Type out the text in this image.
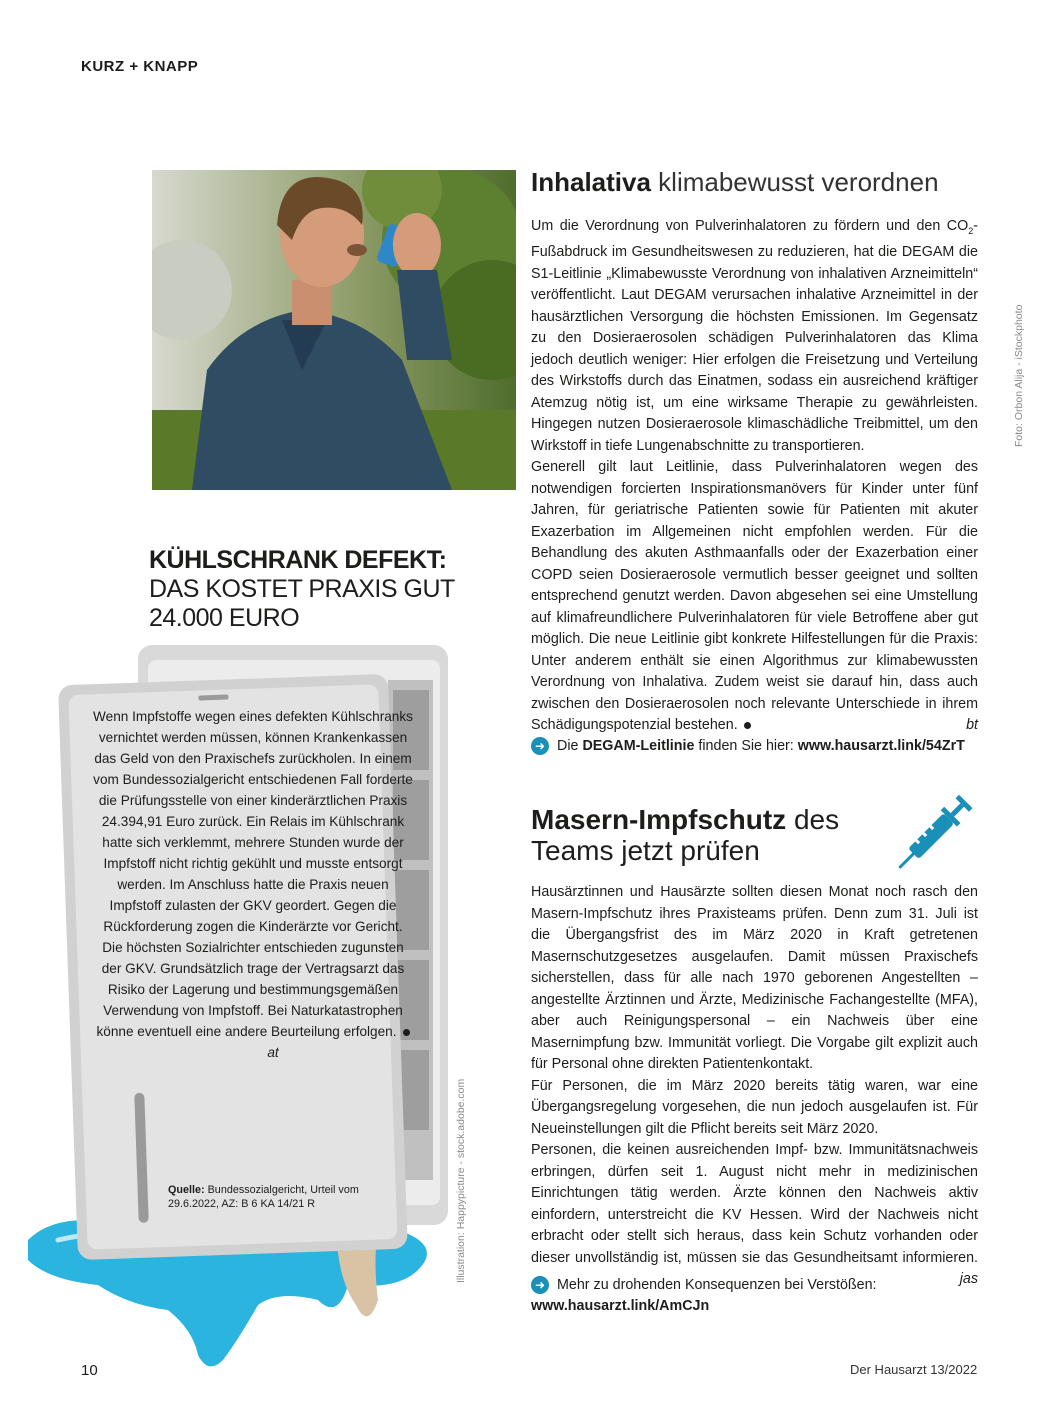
KURZ + KNAPP
Foto: Orbon Alija - iStockphoto
Inhalativa klimabewusst verordnen

Um die Verordnung von Pulverinhalatoren zu fördern und den $CO_2$-Fußabdruck im Gesundheitswesen zu reduzieren, hat die DEGAM die S1-Leitlinie „Klimabewusste Verordnung von inhalativen Arzneimitteln“ veröffentlicht. Laut DEGAM verursachen inhalative Arzneimittel in der hausärztlichen Versorgung die höchsten Emissionen. Im Gegensatz zu den Dosieraerosolen schädigen Pulverinhalatoren das Klima jedoch deutlich weniger: Hier erfolgen die Freisetzung und Verteilung des Wirkstoffs durch das Einatmen, sodass ein ausreichend kräftiger Atemzug nötig ist, um eine wirksame Therapie zu gewährleisten. Hingegen nutzen Dosieraerosole klimaschädliche Treibmittel, um den Wirkstoff in tiefe Lungenabschnitte zu transportieren.

Generell gilt laut Leitlinie, dass Pulverinhalatoren wegen des notwendigen forcierten Inspirationsmanövers für Kinder unter fünf Jahren, für geriatrische Patienten sowie für Patienten mit akuter Exazerbation im Allgemeinen nicht empfohlen werden. Für die Behandlung des akuten Asthmaanfalls oder der Exazerbation einer COPD seien Dosieraerosole vermutlich besser geeignet und sollten entsprechend genutzt werden. Davon abgesehen sei eine Umstellung auf klimafreundlichere Pulverinhalatoren für viele Betroffene aber gut möglich. Die neue Leitlinie gibt konkrete Hilfestellungen für die Praxis: Unter anderem enthält sie einen Algorithmus zur klimabewussten Verordnung von Inhalativa. Zudem weist sie darauf hin, dass auch zwischen den Dosieraerosolen noch relevante Unterschiede in ihrem Schädigungspotenzial bestehen.	bt

➜ Die DEGAM-Leitlinie finden Sie hier: www.hausarzt.link/54ZrT
Masern-Impfschutz des
Teams jetzt prüfen

Hausärztinnen und Hausärzte sollten diesen Monat noch rasch den Masern-Impfschutz ihres Praxisteams prüfen. Denn zum 31. Juli ist die Übergangsfrist des im März 2020 in Kraft getretenen Masernschutzgesetzes ausgelaufen. Damit müssen Praxischefs sicherstellen, dass für alle nach 1970 geborenen Angestellten – angestellte Ärztinnen und Ärzte, Medizinische Fachangestellte (MFA), aber auch Reinigungspersonal – ein Nachweis über eine Masernimpfung bzw. Immunität vorliegt. Die Vorgabe gilt explizit auch für Personal ohne direkten Patientenkontakt.

Für Personen, die im März 2020 bereits tätig waren, war eine Übergangsregelung vorgesehen, die nun jedoch ausgelaufen ist. Für Neueinstellungen gilt die Pflicht bereits seit März 2020.

Personen, die keinen ausreichenden Impf- bzw. Immunitätsnachweis erbringen, dürfen seit 1. August nicht mehr in medizinischen Einrichtungen tätig werden. Ärzte können den Nachweis aktiv einfordern, unterstreicht die KV Hessen. Wird der Nachweis nicht erbracht oder stellt sich heraus, dass kein Schutz vorhanden oder dieser unvollständig ist, müssen sie das Gesundheitsamt informieren.
jas

➜ Mehr zu drohenden Konsequenzen bei Verstößen:
www.hausarzt.link/AmCJn
KÜHLSCHRANK DEFEKT:
DAS KOSTET PRAXIS GUT
24.000 EURO

Wenn Impfstoffe wegen eines defekten Kühlschranks vernichtet werden müssen, können Krankenkassen das Geld von den Praxischefs zurückholen. In einem vom Bundessozialgericht entschiedenen Fall forderte die Prüfungsstelle von einer kinderärztlichen Praxis 24.394,91 Euro zurück. Ein Relais im Kühlschrank hatte sich verklemmt, mehrere Stunden wurde der Impfstoff nicht richtig gekühlt und musste entsorgt werden. Im Anschluss hatte die Praxis neuen Impfstoff zulasten der GKV geordert. Gegen die Rückforderung zogen die Kinderärzte vor Gericht.

Die höchsten Sozialrichter entschieden zugunsten der GKV. Grundsätzlich trage der Vertragsarzt das Risiko der Lagerung und bestimmungsgemäßen Verwendung von Impfstoff. Bei Naturkatastrophen könne eventuell eine andere Beurteilung erfolgen.at

Quelle: Bundessozialgericht, Urteil vom 29.6.2022, AZ: B 6 KA 14/21 R	Illustration: Happypicture - stock.adobe.com
10	Der Hausarzt 13/2022
